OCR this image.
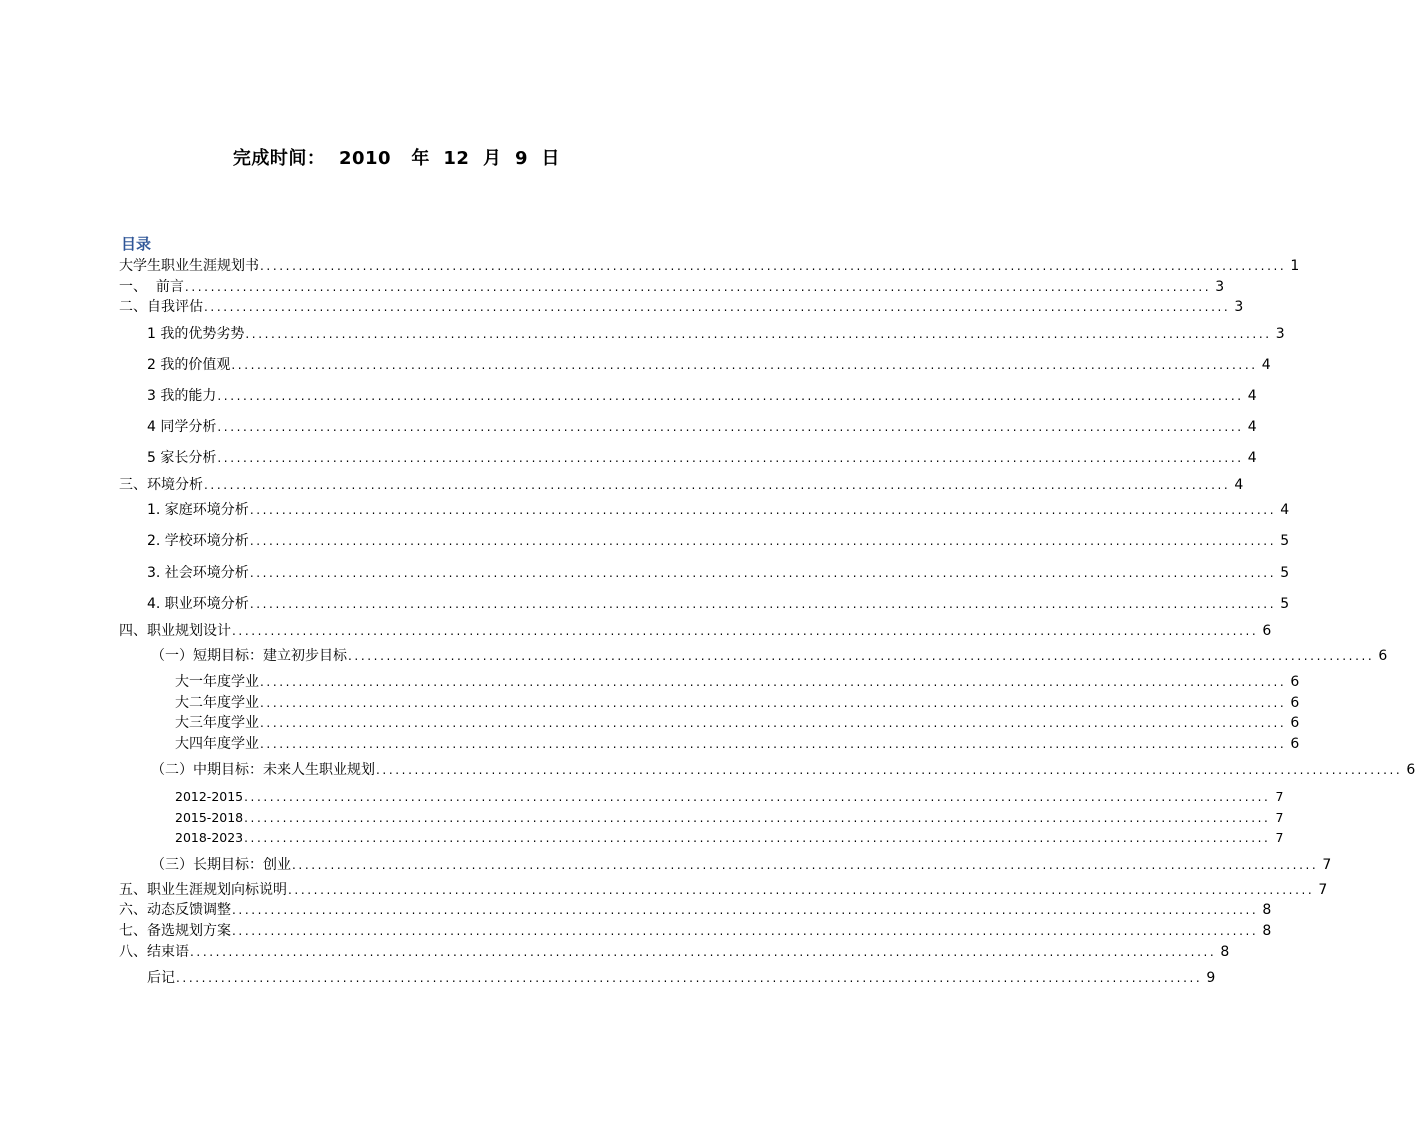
完成时间：  2010   年  12  月  9  日
目录
大学生职业生涯规划书 ................................................................................................................................................................ 1
一、  前言 ................................................................................................................................................................ 3
二、自我评估 ................................................................................................................................................................ 3
1 我的优势劣势 ................................................................................................................................................................ 3
2 我的价值观 ................................................................................................................................................................ 4
3 我的能力 ................................................................................................................................................................ 4
4 同学分析 ................................................................................................................................................................ 4
5 家长分析 ................................................................................................................................................................ 4
三、环境分析 ................................................................................................................................................................ 4
1. 家庭环境分析 ................................................................................................................................................................ 4
2. 学校环境分析 ................................................................................................................................................................ 5
3. 社会环境分析 ................................................................................................................................................................ 5
4. 职业环境分析 ................................................................................................................................................................ 5
四、职业规划设计 ................................................................................................................................................................ 6
（一）短期目标：建立初步目标 ................................................................................................................................................................ 6
大一年度学业 ................................................................................................................................................................ 6
大二年度学业 ................................................................................................................................................................ 6
大三年度学业 ................................................................................................................................................................ 6
大四年度学业 ................................................................................................................................................................ 6
（二）中期目标：未来人生职业规划 ................................................................................................................................................................ 6
2012-2015 ................................................................................................................................................................ 7
2015-2018 ................................................................................................................................................................ 7
2018-2023 ................................................................................................................................................................ 7
（三）长期目标：创业 ................................................................................................................................................................ 7
五、职业生涯规划向标说明 ................................................................................................................................................................ 7
六、动态反馈调整 ................................................................................................................................................................ 8
七、备选规划方案 ................................................................................................................................................................ 8
八、结束语 ................................................................................................................................................................ 8
后记 ................................................................................................................................................................ 9
